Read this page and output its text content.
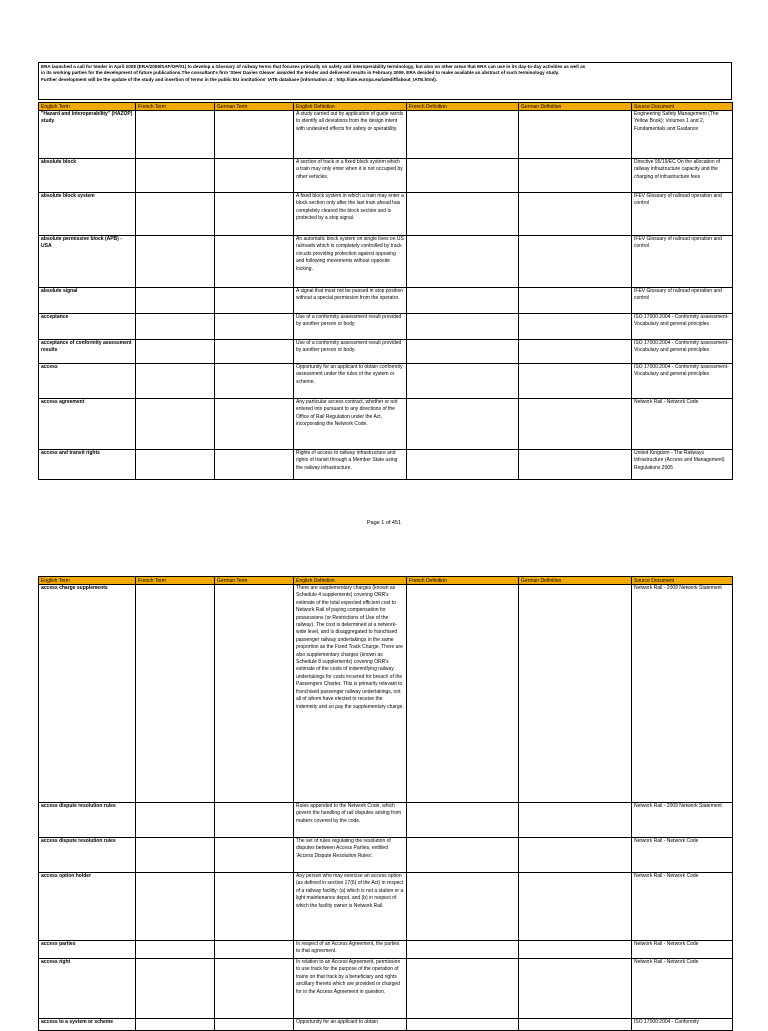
ERA launched a call for tender in April 2008 (ERA/2008/SAF/OP/01) to develop a Glossary of railway terms that focuses primarily on safety and interoperability terminology, but also on other areas that ERA can use in its day-to-day activities as well as
in its working parties for the development of future publications.The consultant's firm 'Steer Davies Gleave' awarded the tender and delivered results in February 2009. ERA decided to make available an abstract of such terminology study.
Further development will be the update of the study and insertion of terms in the public EU institutions' IATE database (information at : http://iate.europa.eu/iatediff/about_IATE.html).
English Term	French Term	German Term	English Definition	French Definition	German Definition	Source Document
"Hazard and Interoperability" (HAZOP) study			A study carried out by application of guide words to identify all deviations from the design intent with undesired effects for safety or operability.			Engineering Safety Management (The Yellow Book); Volumes 1 and 2, Fundamentals and Guidance
absolute block			A section of track in a fixed block system which a train may only enter when it is not occupied by other vehicles.			Directive 95/19/EC On the allocation of railway infrastructure capacity and the charging of infrastructure fees
absolute block system			A fixed block system in which a train may enter a block section only after the last train ahead has completely cleared the block section and is protected by a stop signal.			IFEV Glossary of railroad operation and control
absolute permissive block (APB) - USA			An automatic block system on single lines on US railroads which is completely controlled by track circuits providing protection against opposing and following movements without opposite locking.			IFEV Glossary of railroad operation and control
absolute signal			A signal that must not be passed in stop position without a special permission from the operator.			IFEV Glossary of railroad operation and control
acceptance			Use of a conformity assessment result provided by another person or body.			ISO 17000:2004 - Conformity assessment- Vocabulary and general principles
acceptance of conformity assessment results			Use of a conformity assessment result provided by another person or body.			ISO 17000:2004 - Conformity assessment- Vocabulary and general principles
access			Opportunity for an applicant to obtain conformity assessment under the rules of the system or scheme.			ISO 17000:2004 - Conformity assessment- Vocabulary and general principles
access agreement			Any particular access contract, whether or not entered into pursuant to any directions of the Office of Rail Regulation under the Act, incorporating the Network Code.			Network Rail - Network Code
access and transit rights			Rights of access to railway infrastructure and rights of transit through a Member State using the railway infrastructure.			United Kingdom - The Railways Infrastructure (Access and Management) Regulations 2005
Page 1 of 451
English Term	French Term	German Term	English Definition	French Definition	German Definition	Source Document
access charge supplements			There are supplementary charges (known as Schedule 4 supplements) covering ORR's estimate of the total expected efficient cost to Network Rail of paying compensation for possessions (or Restrictions of Use of the railway). The cost is determined at a network-wide level, and is disaggregated to franchised passenger railway undertakings in the same proportion as the Fixed Track Charge. There are also supplementary charges (known as Schedule 8 supplements) covering ORR's estimate of the costs of indemnifying railway undertakings for costs incurred for breach of the Passengers Charter. This is primarily relevant to franchised passenger railway undertakings, not all of whom have elected to receive the indemnity and so pay the supplementary charge.			Network Rail - 2009 Network Statement
access dispute resolution rules			Rules appended to the Network Code, which govern the handling of rail disputes arising from matters covered by the code.			Network Rail - 2009 Network Statement
access dispute resolution rules			The set of rules regulating the resolution of disputes between Access Parties, entitled 'Access Dispute Resolution Rules'.			Network Rail - Network Code
access option holder			Any person who may exercise an access option (as defined in section 17(6) of the Act) in respect of a railway facility: (a) which is not a station or a light maintenance depot, and (b) in respect of which the facility owner is Network Rail.			Network Rail - Network Code
access parties			In respect of an Access Agreement, the parties to that agreement.			Network Rail - Network Code
access right			In relation to an Access Agreement, permission to use track for the purpose of the operation of trains on that track by a beneficiary and rights ancillary thereto which are provided or charged for in the Access Agreement in question.			Network Rail - Network Code
access to a system or scheme			Opportunity for an applicant to obtain			ISO 17000:2004 - Conformity
